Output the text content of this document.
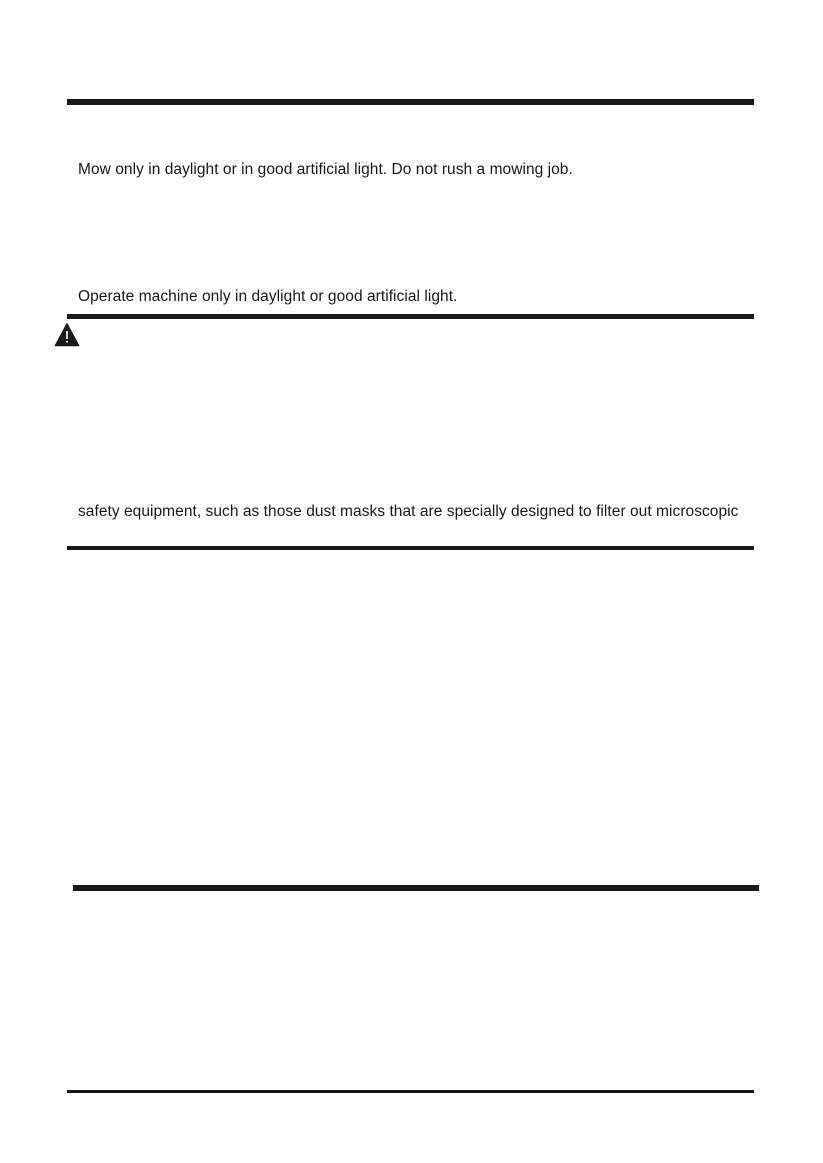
Mow only in daylight or in good artificial light. Do not rush a mowing job.
Operate machine only in daylight or good artificial light.
safety equipment, such as those dust masks that are specially designed to filter out microscopic
